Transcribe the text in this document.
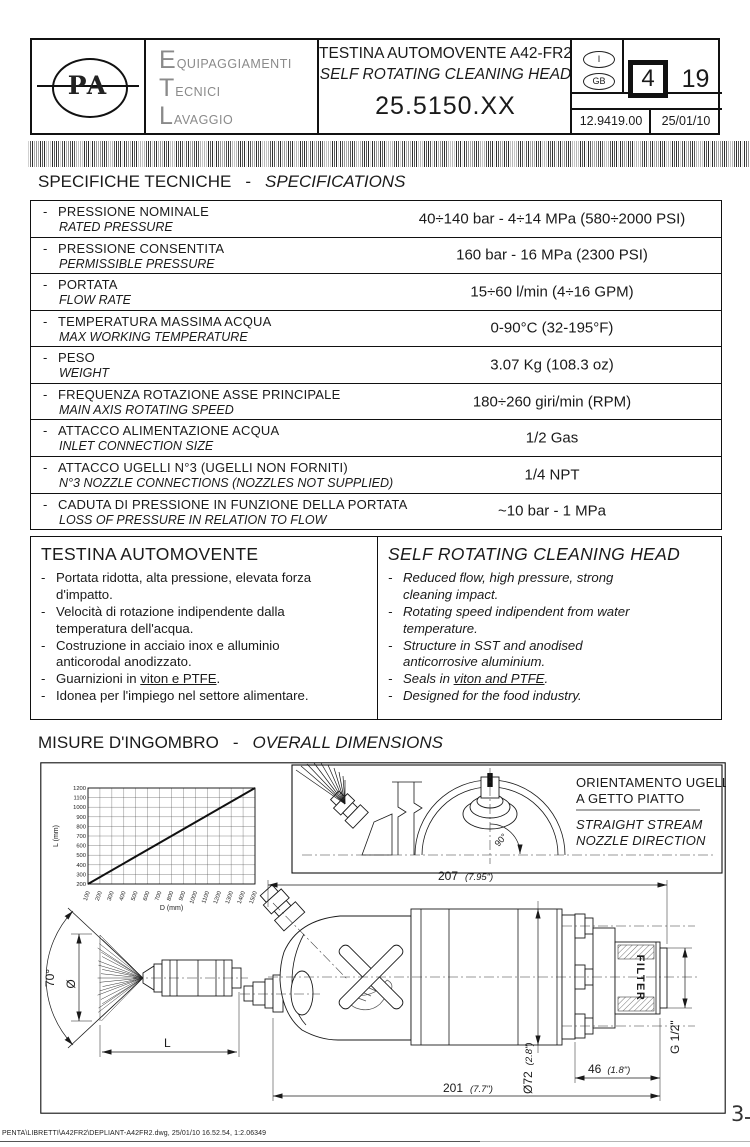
PA
E QUIPAGGIAMENTI
T ECNICI
L AVAGGIO
TESTINA AUTOMOVENTE A42-FR2
SELF ROTATING CLEANING HEAD
25.5150.XX
I
GB	4	19
12.9419.00	25/01/10
SPECIFICHE TECNICHE - SPECIFICATIONS
- PRESSIONE NOMINALE
RATED PRESSURE	40÷140 bar - 4÷14 MPa (580÷2000 PSI)
- PRESSIONE CONSENTITA
PERMISSIBLE PRESSURE	160 bar - 16 MPa (2300 PSI)
- PORTATA
FLOW RATE	15÷60 l/min (4÷16 GPM)
- TEMPERATURA MASSIMA ACQUA
MAX WORKING TEMPERATURE	0-90°C (32-195°F)
- PESO
WEIGHT	3.07 Kg (108.3 oz)
- FREQUENZA ROTAZIONE ASSE PRINCIPALE
MAIN AXIS ROTATING SPEED	180÷260 giri/min (RPM)
- ATTACCO ALIMENTAZIONE ACQUA
INLET CONNECTION SIZE	1/2 Gas
- ATTACCO UGELLI N°3 (UGELLI NON FORNITI)
N°3 NOZZLE CONNECTIONS (NOZZLES NOT SUPPLIED)	1/4 NPT
- CADUTA DI PRESSIONE IN FUNZIONE DELLA PORTATA
LOSS OF PRESSURE IN RELATION TO FLOW	~10 bar - 1 MPa
TESTINA AUTOMOVENTE
- Portata ridotta, alta pressione, elevata forza d'impatto.
- Velocità di rotazione indipendente dalla temperatura dell'acqua.
- Costruzione in acciaio inox e alluminio anticorodal anodizzato.
- Guarnizioni in viton e PTFE.
- Idonea per l'impiego nel settore alimentare.
SELF ROTATING CLEANING HEAD
- Reduced flow, high pressure, strong cleaning impact.
- Rotating speed indipendent from water temperature.
- Structure in SST and anodised anticorrosive aluminium.
- Seals in viton and PTFE.
- Designed for the food industry.
MISURE D'INGOMBRO - OVERALL DIMENSIONS
100 200 300 400 500 600 700 800 900 1000 1100 1200 1300 1400 1500
200
300
400
500
600
700
800
900
1000
1100
1200
D (mm)
L (mm)	90°
ORIENTAMENTO UGELLI
A GETTO PIATTO
STRAIGHT STREAM
NOZZLE DIRECTION
70° Ø
L
FILTER
207 (7.95")
201 (7.7") Ø72(2.8")
46 (1.8")
G 1/2"
PENTA\LIBRETTI\A42FR2\DEPLIANT-A42FR2.dwg, 25/01/10 16.52.54, 1:2.06349
3
